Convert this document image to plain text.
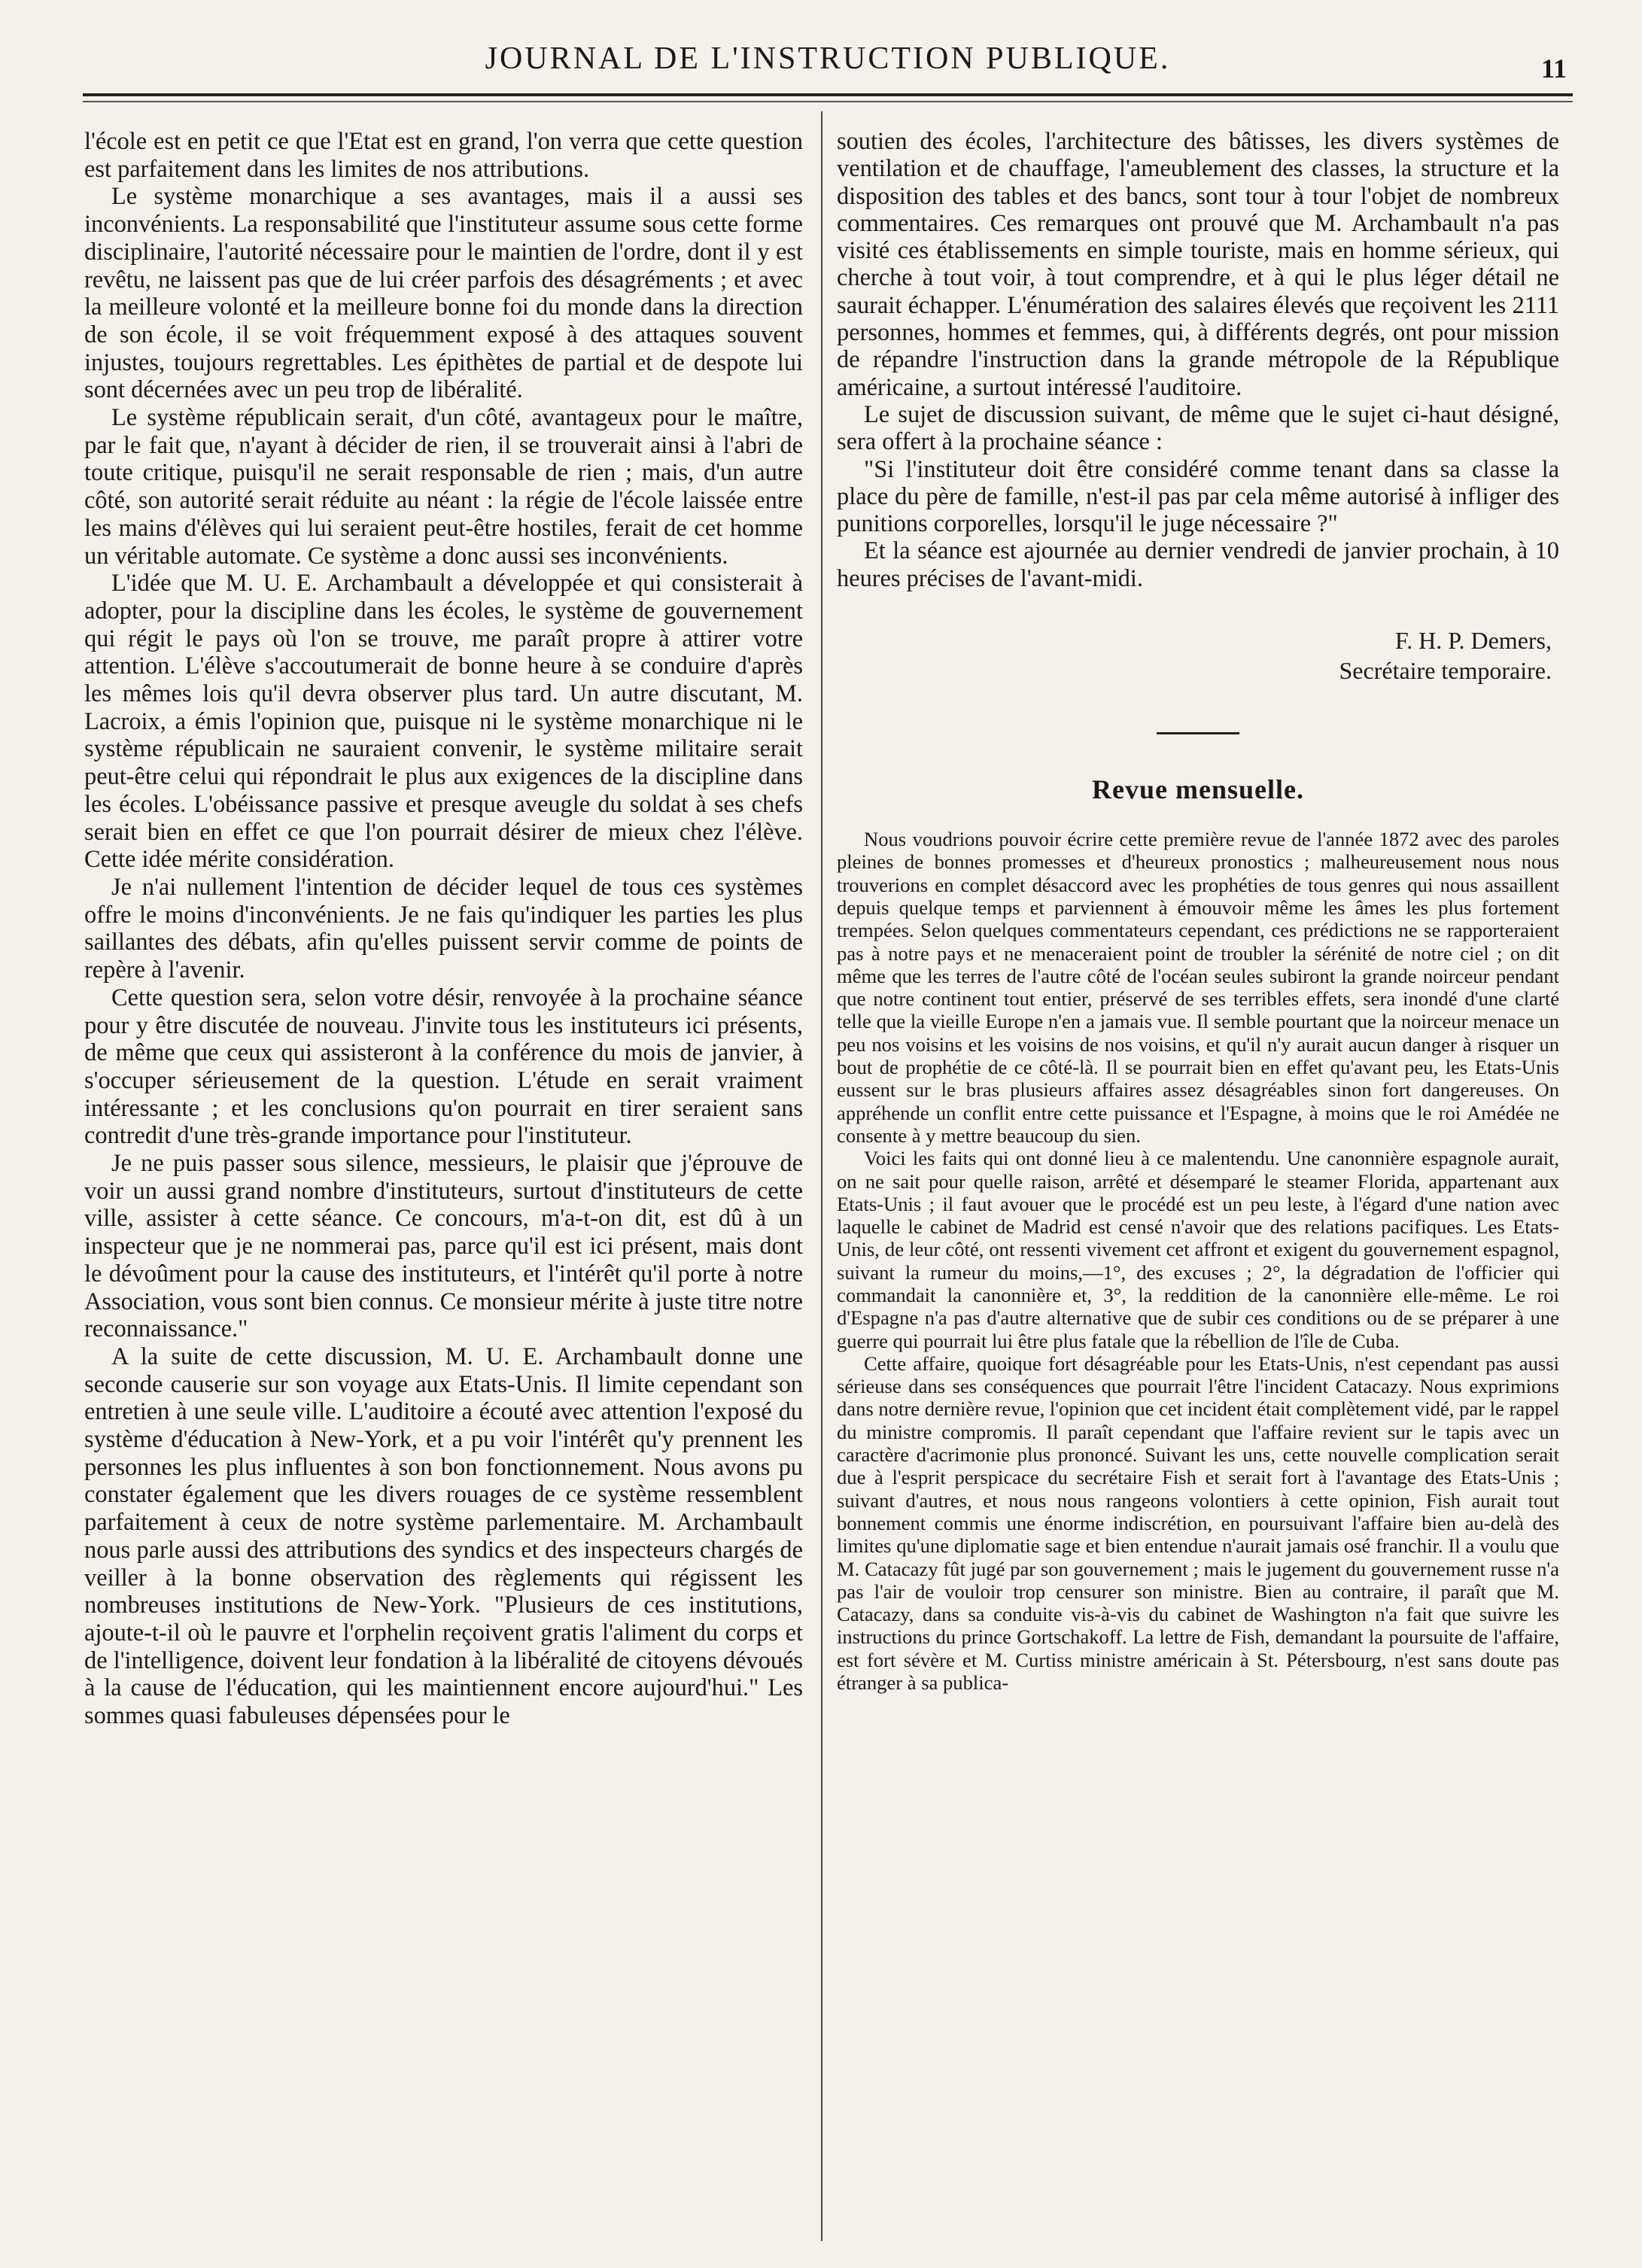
JOURNAL DE L'INSTRUCTION PUBLIQUE.	11

l'école est en petit ce que l'Etat est en grand, l'on verra que cette question est parfaitement dans les limites de nos attributions.

Le système monarchique a ses avantages, mais il a aussi ses inconvénients. La responsabilité que l'instituteur assume sous cette forme disciplinaire, l'autorité nécessaire pour le maintien de l'ordre, dont il y est revêtu, ne laissent pas que de lui créer parfois des désagréments ; et avec la meilleure volonté et la meilleure bonne foi du monde dans la direction de son école, il se voit fréquemment exposé à des attaques souvent injustes, toujours regrettables. Les épithètes de partial et de despote lui sont décernées avec un peu trop de libéralité.

Le système républicain serait, d'un côté, avantageux pour le maître, par le fait que, n'ayant à décider de rien, il se trouverait ainsi à l'abri de toute critique, puisqu'il ne serait responsable de rien ; mais, d'un autre côté, son autorité serait réduite au néant : la régie de l'école laissée entre les mains d'élèves qui lui seraient peut-être hostiles, ferait de cet homme un véritable automate. Ce système a donc aussi ses inconvénients.

L'idée que M. U. E. Archambault a développée et qui consisterait à adopter, pour la discipline dans les écoles, le système de gouvernement qui régit le pays où l'on se trouve, me paraît propre à attirer votre attention. L'élève s'accoutumerait de bonne heure à se conduire d'après les mêmes lois qu'il devra observer plus tard. Un autre discutant, M. Lacroix, a émis l'opinion que, puisque ni le système monarchique ni le système républicain ne sauraient convenir, le système militaire serait peut-être celui qui répondrait le plus aux exigences de la discipline dans les écoles. L'obéissance passive et presque aveugle du soldat à ses chefs serait bien en effet ce que l'on pourrait désirer de mieux chez l'élève. Cette idée mérite considération.

Je n'ai nullement l'intention de décider lequel de tous ces systèmes offre le moins d'inconvénients. Je ne fais qu'indiquer les parties les plus saillantes des débats, afin qu'elles puissent servir comme de points de repère à l'avenir.

Cette question sera, selon votre désir, renvoyée à la prochaine séance pour y être discutée de nouveau. J'invite tous les instituteurs ici présents, de même que ceux qui assisteront à la conférence du mois de janvier, à s'occuper sérieusement de la question. L'étude en serait vraiment intéressante ; et les conclusions qu'on pourrait en tirer seraient sans contredit d'une très-grande importance pour l'instituteur.

Je ne puis passer sous silence, messieurs, le plaisir que j'éprouve de voir un aussi grand nombre d'instituteurs, surtout d'instituteurs de cette ville, assister à cette séance. Ce concours, m'a-t-on dit, est dû à un inspecteur que je ne nommerai pas, parce qu'il est ici présent, mais dont le dévoûment pour la cause des instituteurs, et l'intérêt qu'il porte à notre Association, vous sont bien connus. Ce monsieur mérite à juste titre notre reconnaissance."

A la suite de cette discussion, M. U. E. Archambault donne une seconde causerie sur son voyage aux Etats-Unis. Il limite cependant son entretien à une seule ville. L'auditoire a écouté avec attention l'exposé du système d'éducation à New-York, et a pu voir l'intérêt qu'y prennent les personnes les plus influentes à son bon fonctionnement. Nous avons pu constater également que les divers rouages de ce système ressemblent parfaitement à ceux de notre système parlementaire. M. Archambault nous parle aussi des attributions des syndics et des inspecteurs chargés de veiller à la bonne observation des règlements qui régissent les nombreuses institutions de New-York. "Plusieurs de ces institutions, ajoute-t-il où le pauvre et l'orphelin reçoivent gratis l'aliment du corps et de l'intelligence, doivent leur fondation à la libéralité de citoyens dévoués à la cause de l'éducation, qui les maintiennent encore aujourd'hui." Les sommes quasi fabuleuses dépensées pour le

soutien des écoles, l'architecture des bâtisses, les divers systèmes de ventilation et de chauffage, l'ameublement des classes, la structure et la disposition des tables et des bancs, sont tour à tour l'objet de nombreux commentaires. Ces remarques ont prouvé que M. Archambault n'a pas visité ces établissements en simple touriste, mais en homme sérieux, qui cherche à tout voir, à tout comprendre, et à qui le plus léger détail ne saurait échapper. L'énumération des salaires élevés que reçoivent les 2111 personnes, hommes et femmes, qui, à différents degrés, ont pour mission de répandre l'instruction dans la grande métropole de la République américaine, a surtout intéressé l'auditoire.

Le sujet de discussion suivant, de même que le sujet ci-haut désigné, sera offert à la prochaine séance :

"Si l'instituteur doit être considéré comme tenant dans sa classe la place du père de famille, n'est-il pas par cela même autorisé à infliger des punitions corporelles, lorsqu'il le juge nécessaire ?"

Et la séance est ajournée au dernier vendredi de janvier prochain, à 10 heures précises de l'avant-midi.

F. H. P. Demers,
Secrétaire temporaire.
Revue mensuelle.

Nous voudrions pouvoir écrire cette première revue de l'année 1872 avec des paroles pleines de bonnes promesses et d'heureux pronostics ; malheureusement nous nous trouverions en complet désaccord avec les prophéties de tous genres qui nous assaillent depuis quelque temps et parviennent à émouvoir même les âmes les plus fortement trempées. Selon quelques commentateurs cependant, ces prédictions ne se rapporteraient pas à notre pays et ne menaceraient point de troubler la sérénité de notre ciel ; on dit même que les terres de l'autre côté de l'océan seules subiront la grande noirceur pendant que notre continent tout entier, préservé de ses terribles effets, sera inondé d'une clarté telle que la vieille Europe n'en a jamais vue. Il semble pourtant que la noirceur menace un peu nos voisins et les voisins de nos voisins, et qu'il n'y aurait aucun danger à risquer un bout de prophétie de ce côté-là. Il se pourrait bien en effet qu'avant peu, les Etats-Unis eussent sur le bras plusieurs affaires assez désagréables sinon fort dangereuses. On appréhende un conflit entre cette puissance et l'Espagne, à moins que le roi Amédée ne consente à y mettre beaucoup du sien.

Voici les faits qui ont donné lieu à ce malentendu. Une canonnière espagnole aurait, on ne sait pour quelle raison, arrêté et désemparé le steamer Florida, appartenant aux Etats-Unis ; il faut avouer que le procédé est un peu leste, à l'égard d'une nation avec laquelle le cabinet de Madrid est censé n'avoir que des relations pacifiques. Les Etats-Unis, de leur côté, ont ressenti vivement cet affront et exigent du gouvernement espagnol, suivant la rumeur du moins,—1°, des excuses ; 2°, la dégradation de l'officier qui commandait la canonnière et, 3°, la reddition de la canonnière elle-même. Le roi d'Espagne n'a pas d'autre alternative que de subir ces conditions ou de se préparer à une guerre qui pourrait lui être plus fatale que la rébellion de l'île de Cuba.

Cette affaire, quoique fort désagréable pour les Etats-Unis, n'est cependant pas aussi sérieuse dans ses conséquences que pourrait l'être l'incident Catacazy. Nous exprimions dans notre dernière revue, l'opinion que cet incident était complètement vidé, par le rappel du ministre compromis. Il paraît cependant que l'affaire revient sur le tapis avec un caractère d'acrimonie plus prononcé. Suivant les uns, cette nouvelle complication serait due à l'esprit perspicace du secrétaire Fish et serait fort à l'avantage des Etats-Unis ; suivant d'autres, et nous nous rangeons volontiers à cette opinion, Fish aurait tout bonnement commis une énorme indiscrétion, en poursuivant l'affaire bien au-delà des limites qu'une diplomatie sage et bien entendue n'aurait jamais osé franchir. Il a voulu que M. Catacazy fût jugé par son gouvernement ; mais le jugement du gouvernement russe n'a pas l'air de vouloir trop censurer son ministre. Bien au contraire, il paraît que M. Catacazy, dans sa conduite vis-à-vis du cabinet de Washington n'a fait que suivre les instructions du prince Gortschakoff. La lettre de Fish, demandant la poursuite de l'affaire, est fort sévère et M. Curtiss ministre américain à St. Pétersbourg, n'est sans doute pas étranger à sa publica-
